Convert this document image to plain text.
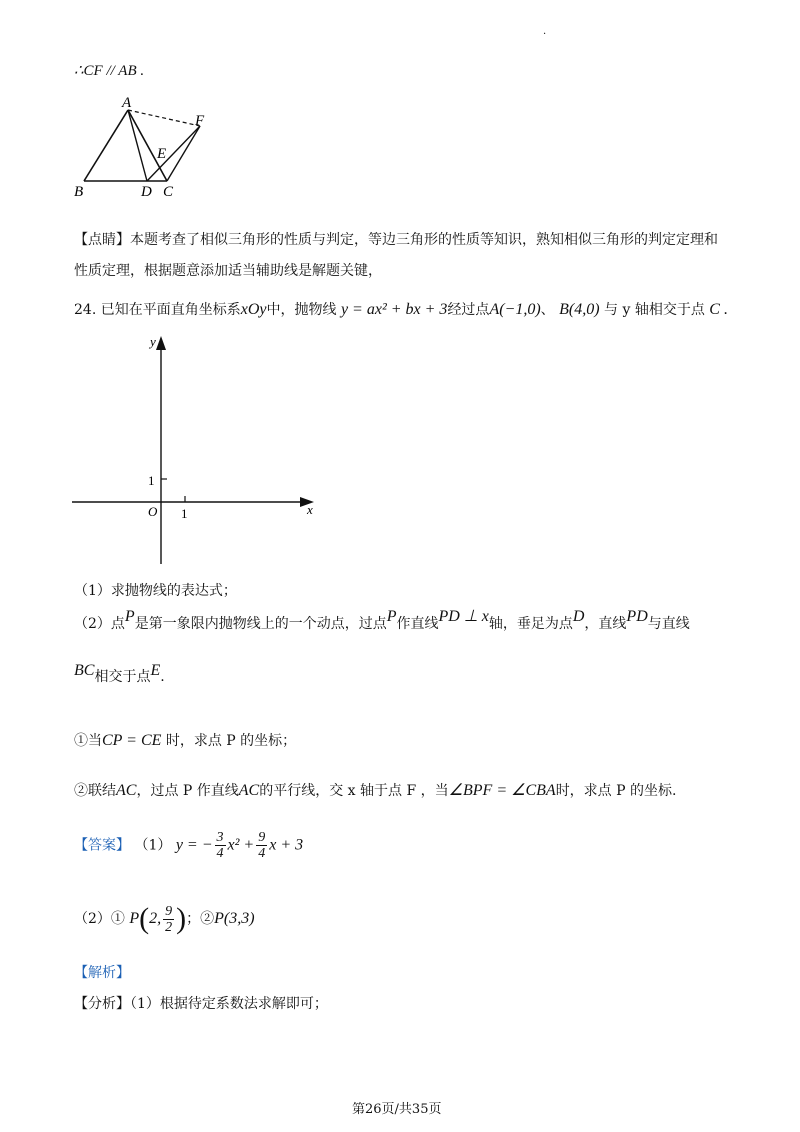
.
∴CF // AB .
A
B	C
D
E
F
【点睛】本题考查了相似三角形的性质与判定，等边三角形的性质等知识，熟知相似三角形的判定定理和
性质定理，根据题意添加适当辅助线是解题关键，
24. 已知在平面直角坐标系xOy中，抛物线 y = ax² + bx + 3经过点A(−1,0)、 B(4,0) 与 y 轴相交于点 C .
y
x
O 1
1
（1）求抛物线的表达式；
（2）点P是第一象限内抛物线上的一个动点，过点P作直线PD ⊥ x轴，垂足为点D，直线PD与直线
BC相交于点E.
①当CP = CE 时，求点 P 的坐标；
②联结AC，过点 P 作直线AC的平行线，交 x 轴于点 F ，当∠BPF = ∠CBA时，求点 P 的坐标.
【答案】 （1） y = − $\frac{3}{4} x^2 + \frac{9}{4}$ x + 3
（2）① P(2, $\frac{9}{2}$ )；②P(3,3)
【解析】
【分析】（1）根据待定系数法求解即可；
第26页/共35页
